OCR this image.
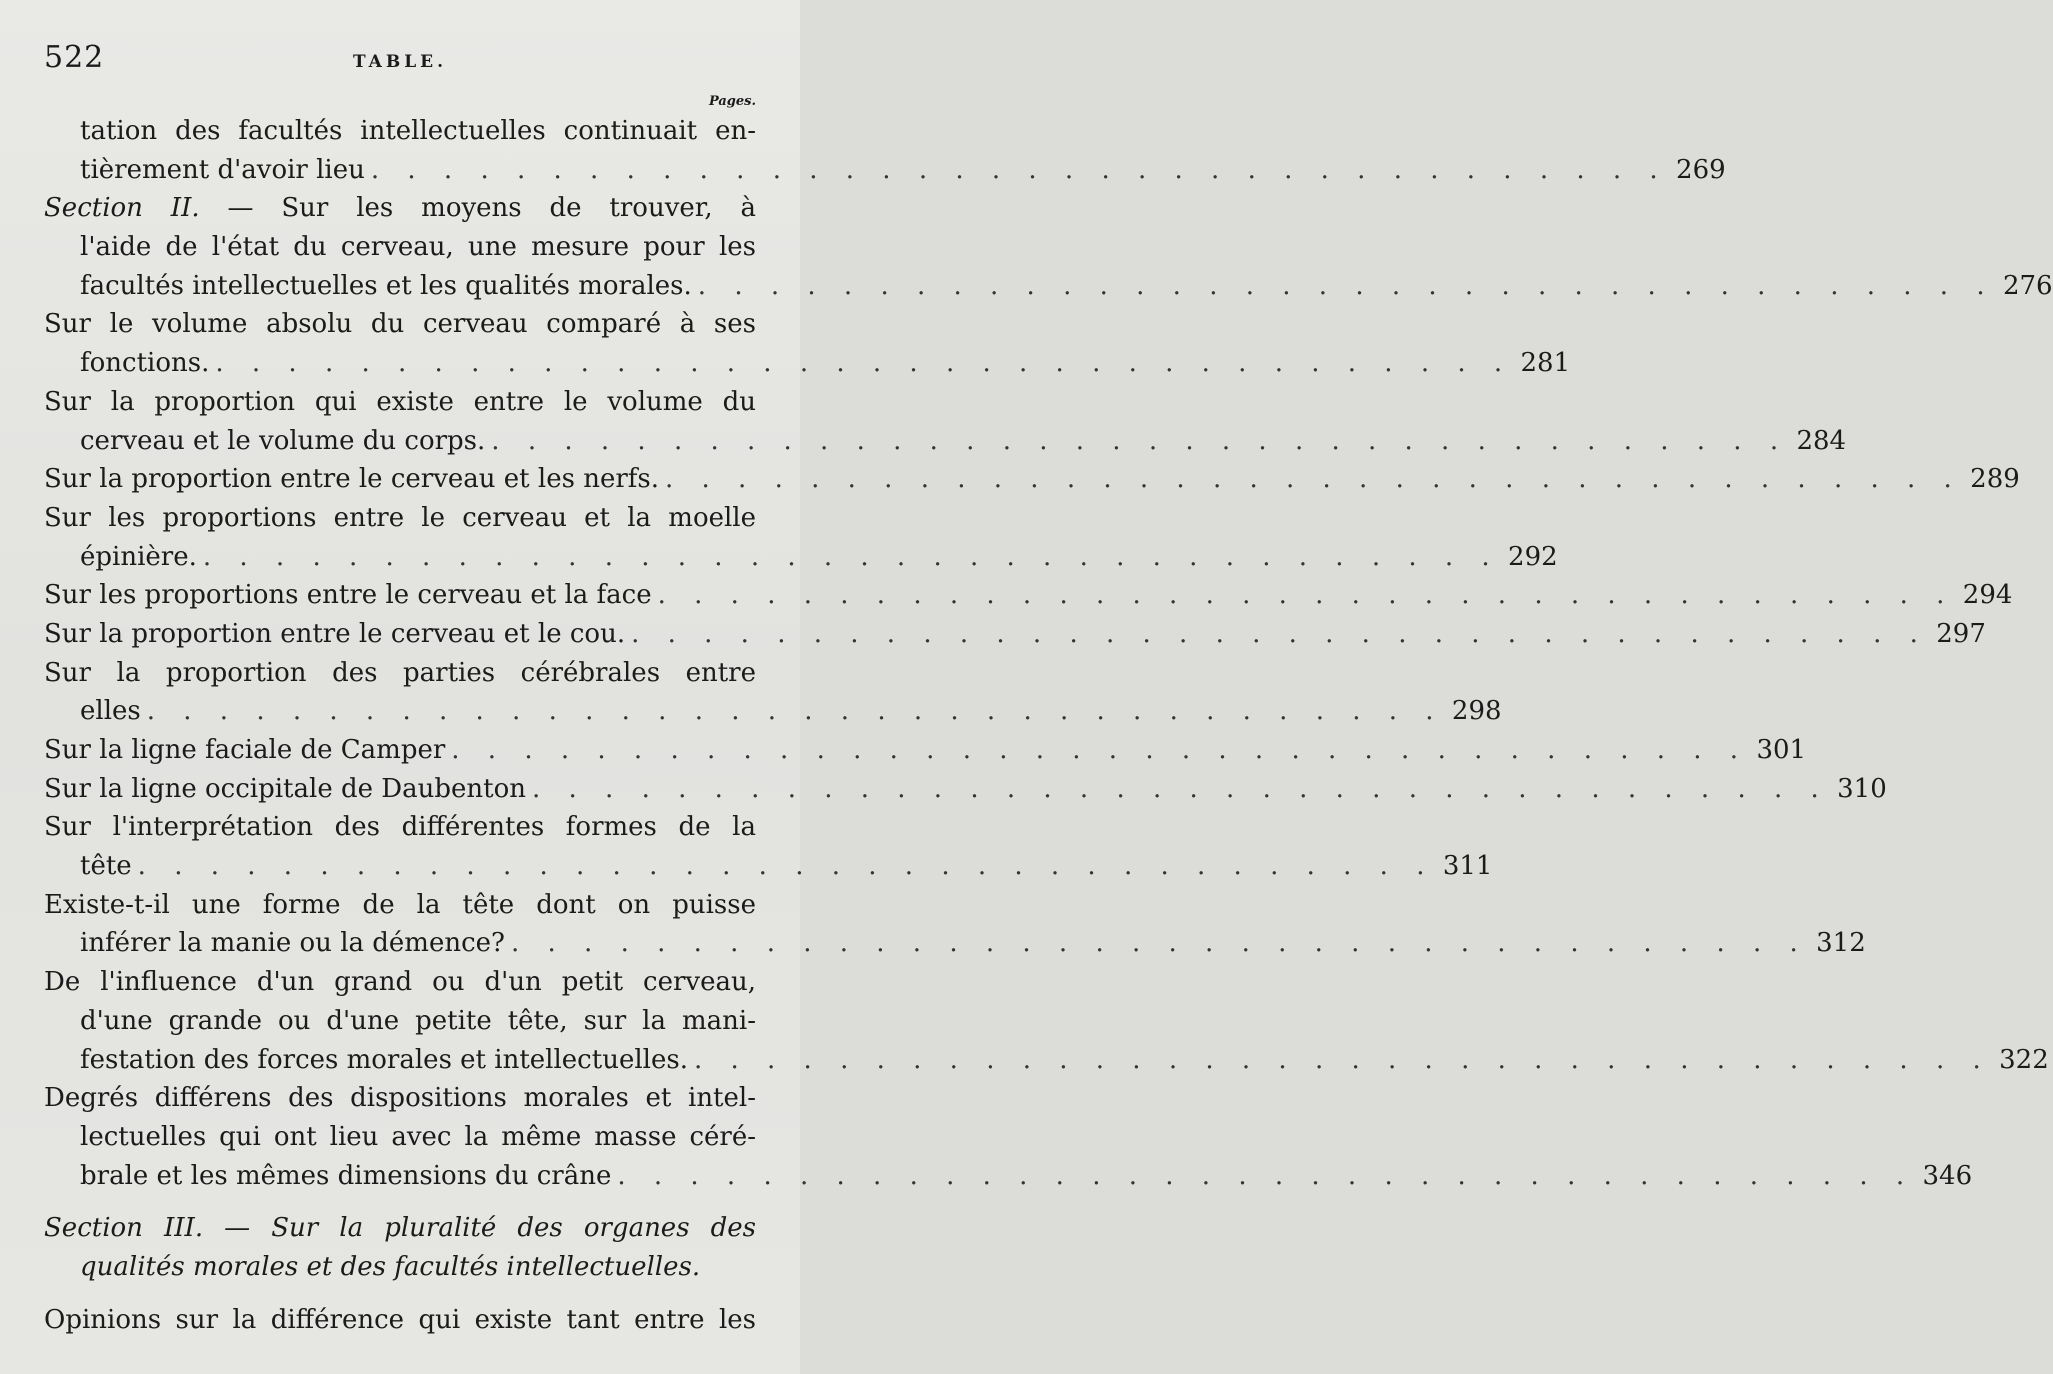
522	TABLE.
Pages.
tation des facultés intellectuelles continuait en-
tièrement d'avoir lieu . . . . . . . . . . . . . . . . . . . . . . . . . . . . . . . . . . . . 269
Section II. — Sur les moyens de trouver, à
l'aide de l'état du cerveau, une mesure pour les
facultés intellectuelles et les qualités morales. . . . . . . . . . . . . . . . . . . . . . . . . . . . . . . . . . . . . 276
Sur le volume absolu du cerveau comparé à ses
fonctions. . . . . . . . . . . . . . . . . . . . . . . . . . . . . . . . . . . . . 281
Sur la proportion qui existe entre le volume du
cerveau et le volume du corps. . . . . . . . . . . . . . . . . . . . . . . . . . . . . . . . . . . . . 284
Sur la proportion entre le cerveau et les nerfs. . . . . . . . . . . . . . . . . . . . . . . . . . . . . . . . . . . . . 289
Sur les proportions entre le cerveau et la moelle
épinière. . . . . . . . . . . . . . . . . . . . . . . . . . . . . . . . . . . . . 292
Sur les proportions entre le cerveau et la face . . . . . . . . . . . . . . . . . . . . . . . . . . . . . . . . . . . . 294
Sur la proportion entre le cerveau et le cou. . . . . . . . . . . . . . . . . . . . . . . . . . . . . . . . . . . . . 297
Sur la proportion des parties cérébrales entre
elles . . . . . . . . . . . . . . . . . . . . . . . . . . . . . . . . . . . . 298
Sur la ligne faciale de Camper . . . . . . . . . . . . . . . . . . . . . . . . . . . . . . . . . . . . 301
Sur la ligne occipitale de Daubenton . . . . . . . . . . . . . . . . . . . . . . . . . . . . . . . . . . . . 310
Sur l'interprétation des différentes formes de la
tête . . . . . . . . . . . . . . . . . . . . . . . . . . . . . . . . . . . . 311
Existe-t-il une forme de la tête dont on puisse
inférer la manie ou la démence? . . . . . . . . . . . . . . . . . . . . . . . . . . . . . . . . . . . . 312
De l'influence d'un grand ou d'un petit cerveau,
d'une grande ou d'une petite tête, sur la mani-
festation des forces morales et intellectuelles. . . . . . . . . . . . . . . . . . . . . . . . . . . . . . . . . . . . . 322
Degrés différens des dispositions morales et intel-
lectuelles qui ont lieu avec la même masse céré-
brale et les mêmes dimensions du crâne . . . . . . . . . . . . . . . . . . . . . . . . . . . . . . . . . . . . 346
Section III. — Sur la pluralité des organes des
qualités morales et des facultés intellectuelles.
Opinions sur la différence qui existe tant entre les
